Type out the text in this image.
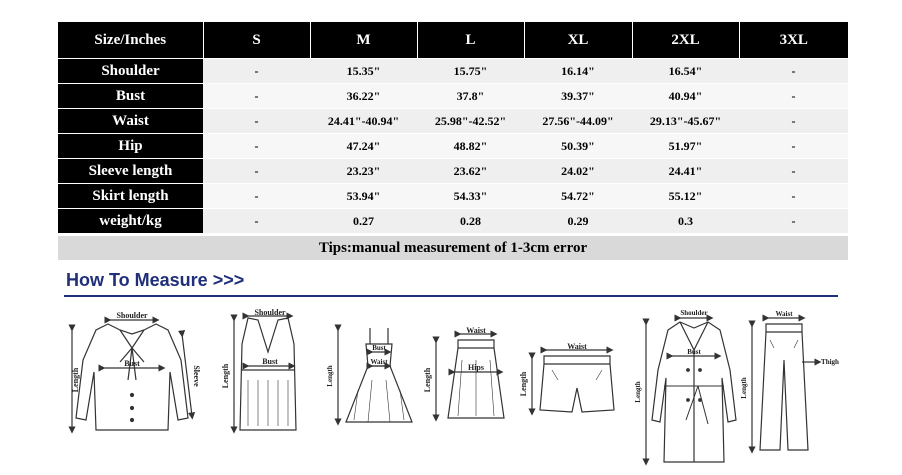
Size/Inches	S	M	L	XL	2XL	3XL
Shoulder	-	15.35"	15.75"	16.14"	16.54"	-
Bust	-	36.22"	37.8"	39.37"	40.94"	-
Waist	-	24.41"-40.94"	25.98"-42.52"	27.56"-44.09"	29.13"-45.67"	-
Hip	-	47.24"	48.82"	50.39"	51.97"	-
Sleeve length	-	23.23"	23.62"	24.02"	24.41"	-
Skirt length	-	53.94"	54.33"	54.72"	55.12"	-
weight/kg	-	0.27	0.28	0.29	0.3	-
Tips:manual measurement of 1-3cm error
How To Measure >>>
Shoulder
Bust
Length	Sleeve
Shoulder
Bust
Length
Bust
Waist
Length
Waist
Hips
Length
Waist
Length
Shoulder
Bust
Length
Waist
Thigh
Length
